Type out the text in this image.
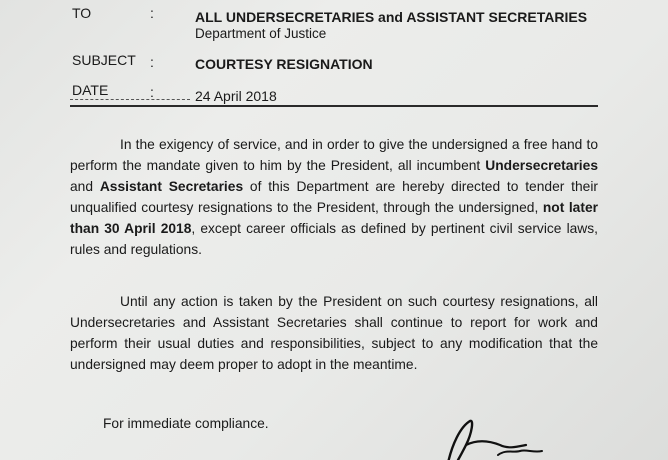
TO	:	ALL UNDERSECRETARIES and ASSISTANT SECRETARIES
Department of Justice
SUBJECT :	COURTESY RESIGNATION
DATE	:	24 April 2018
In the exigency of service, and in order to give the undersigned a free hand to perform the mandate given to him by the President, all incumbent Undersecretaries and Assistant Secretaries of this Department are hereby directed to tender their unqualified courtesy resignations to the President, through the undersigned, not later than 30 April 2018, except career officials as defined by pertinent civil service laws, rules and regulations.
Until any action is taken by the President on such courtesy resignations, all Undersecretaries and Assistant Secretaries shall continue to report for work and perform their usual duties and responsibilities, subject to any modification that the undersigned may deem proper to adopt in the meantime.
For immediate compliance.
